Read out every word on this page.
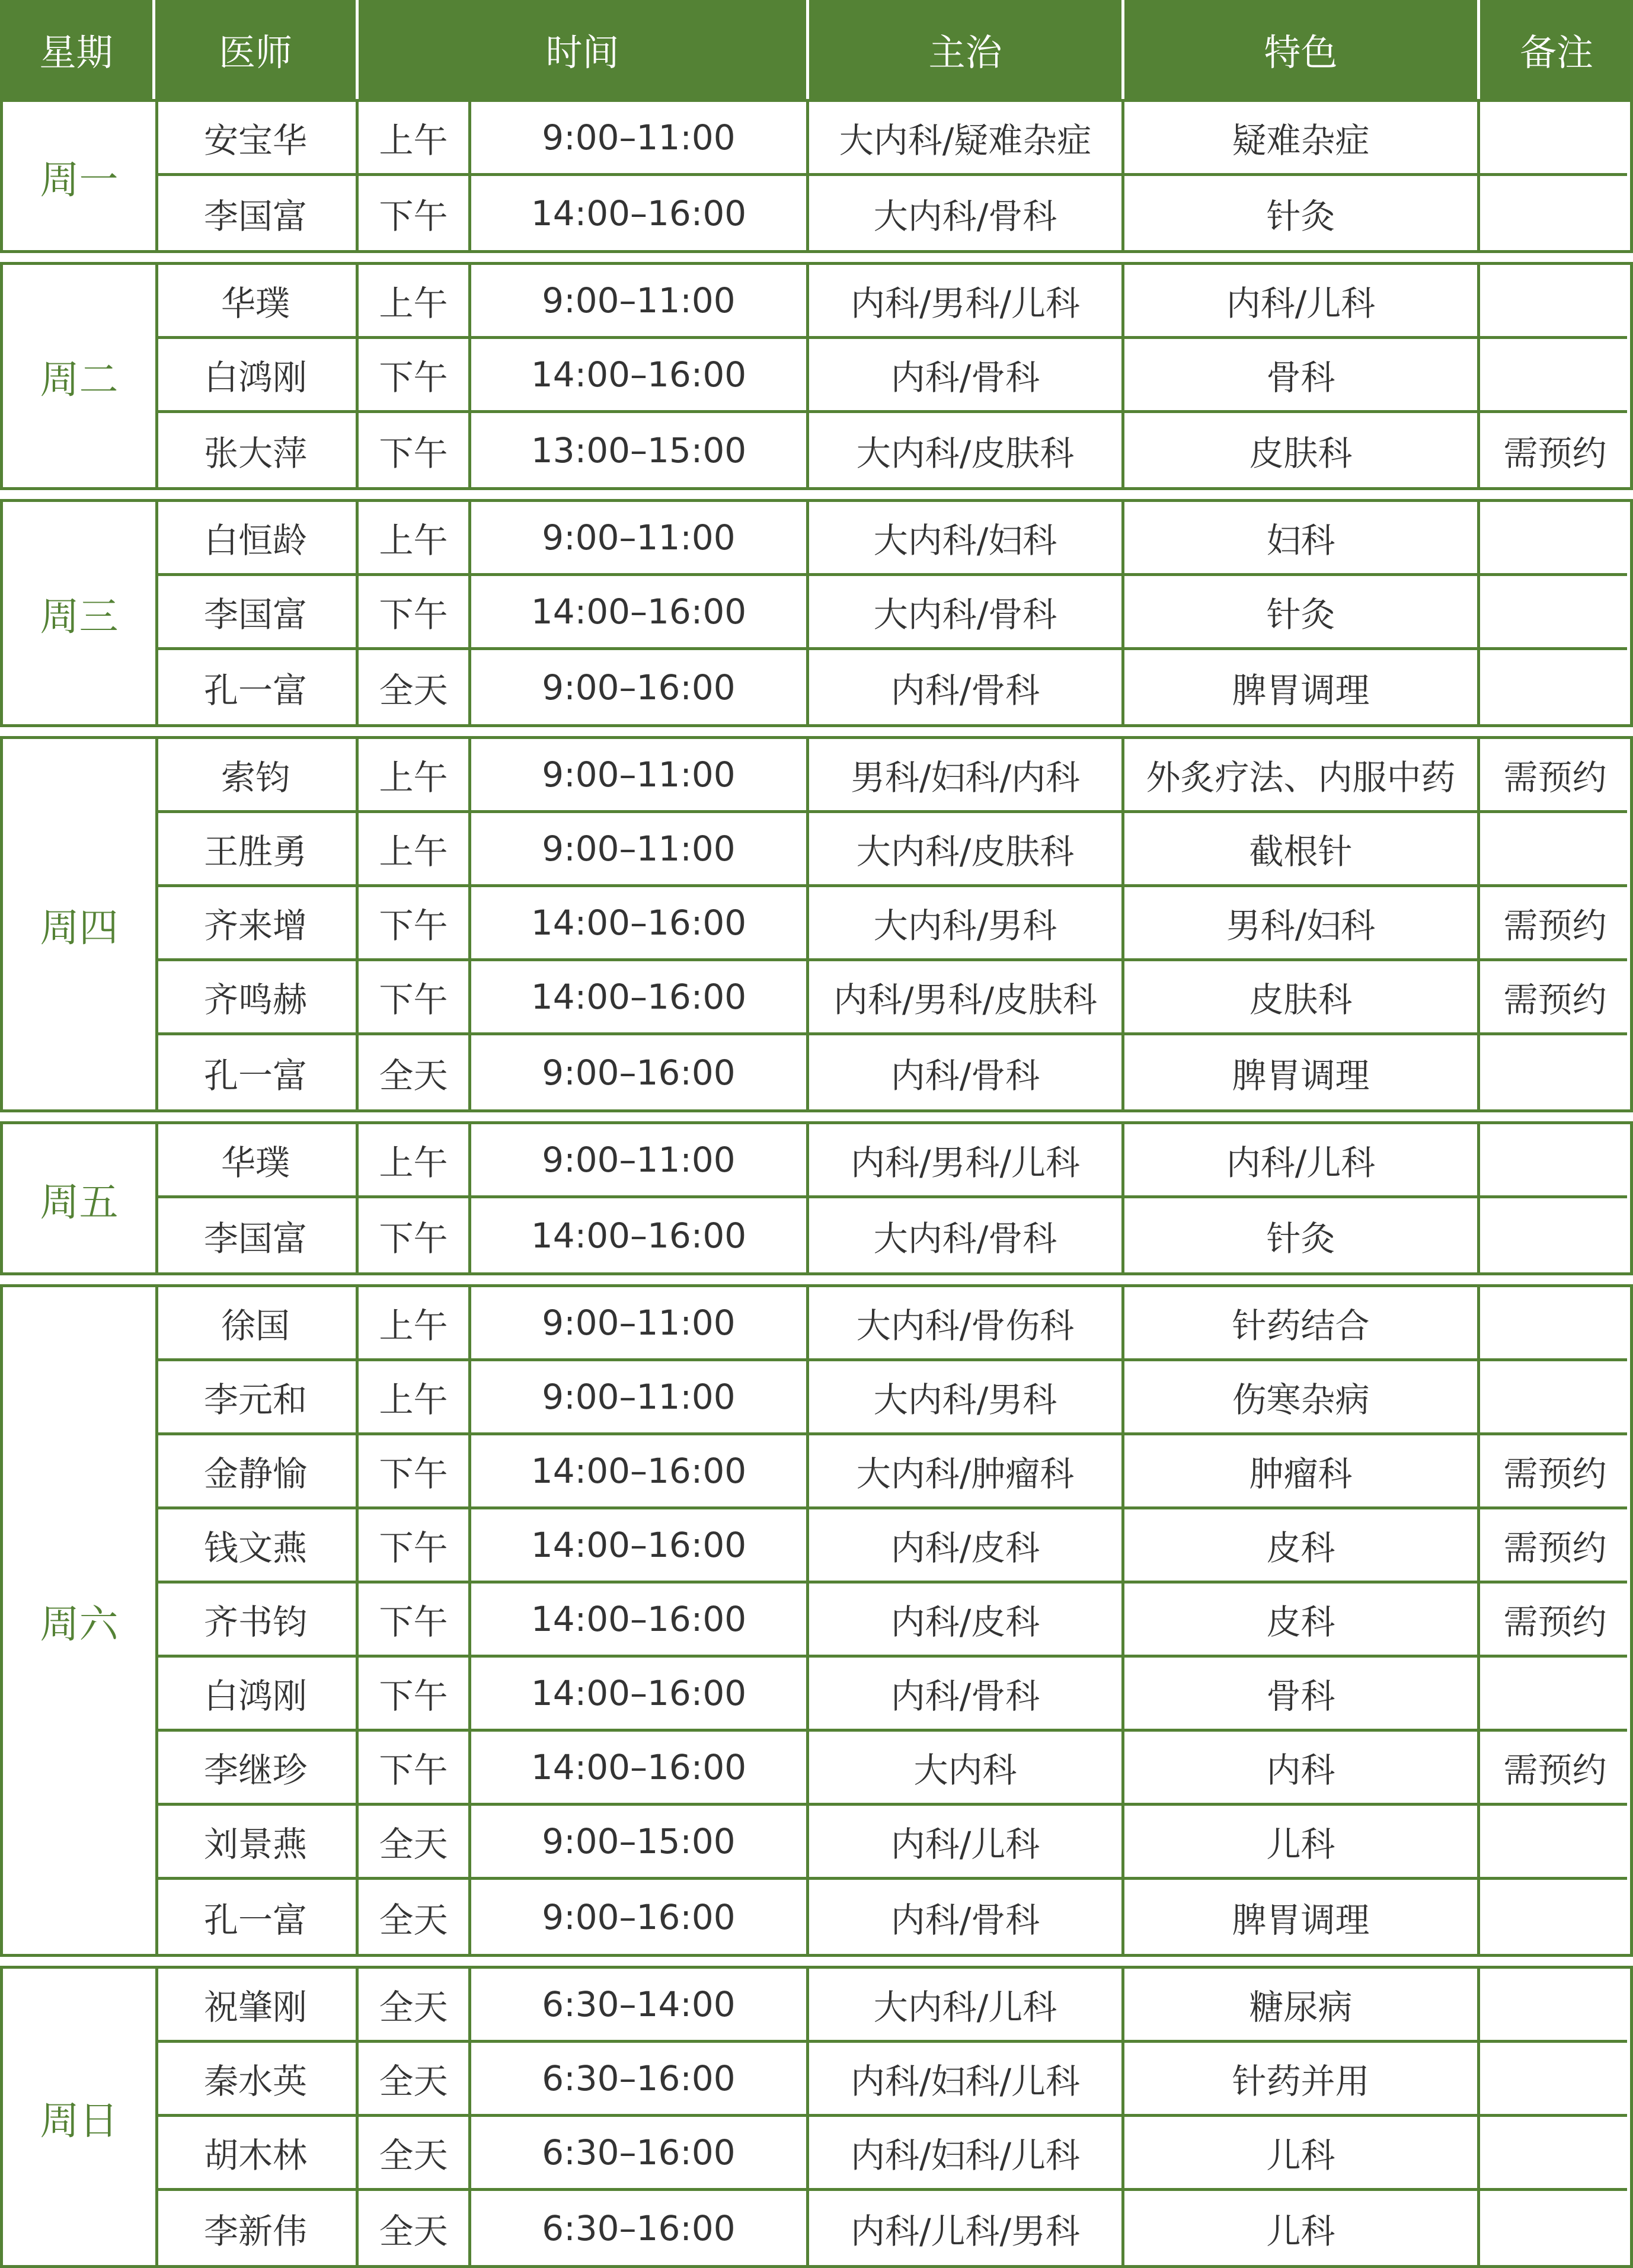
星期	医师	时间	主治	特色	备注
周一
安宝华	上午	9:00–11:00	大内科/疑难杂症	疑难杂症
李国富	下午	14:00–16:00	大内科/骨科	针灸
周二
华璞	上午	9:00–11:00	内科/男科/儿科	内科/儿科
白鸿刚	下午	14:00–16:00	内科/骨科	骨科
张大萍	下午	13:00–15:00	大内科/皮肤科	皮肤科	需预约
周三
白恒龄	上午	9:00–11:00	大内科/妇科	妇科
李国富	下午	14:00–16:00	大内科/骨科	针灸
孔一富	全天	9:00–16:00	内科/骨科	脾胃调理
周四
索钧	上午	9:00–11:00	男科/妇科/内科	外炙疗法、内服中药	需预约
王胜勇	上午	9:00–11:00	大内科/皮肤科	截根针
齐来增	下午	14:00–16:00	大内科/男科	男科/妇科	需预约
齐鸣赫	下午	14:00–16:00	内科/男科/皮肤科	皮肤科	需预约
孔一富	全天	9:00–16:00	内科/骨科	脾胃调理
周五
华璞	上午	9:00–11:00	内科/男科/儿科	内科/儿科
李国富	下午	14:00–16:00	大内科/骨科	针灸
周六
徐国	上午	9:00–11:00	大内科/骨伤科	针药结合
李元和	上午	9:00–11:00	大内科/男科	伤寒杂病
金静愉	下午	14:00–16:00	大内科/肿瘤科	肿瘤科	需预约
钱文燕	下午	14:00–16:00	内科/皮科	皮科	需预约
齐书钧	下午	14:00–16:00	内科/皮科	皮科	需预约
白鸿刚	下午	14:00–16:00	内科/骨科	骨科
李继珍	下午	14:00–16:00	大内科	内科	需预约
刘景燕	全天	9:00–15:00	内科/儿科	儿科
孔一富	全天	9:00–16:00	内科/骨科	脾胃调理
周日
祝肇刚	全天	6:30–14:00	大内科/儿科	糖尿病
秦水英	全天	6:30–16:00	内科/妇科/儿科	针药并用
胡木林	全天	6:30–16:00	内科/妇科/儿科	儿科
李新伟	全天	6:30–16:00	内科/儿科/男科	儿科
